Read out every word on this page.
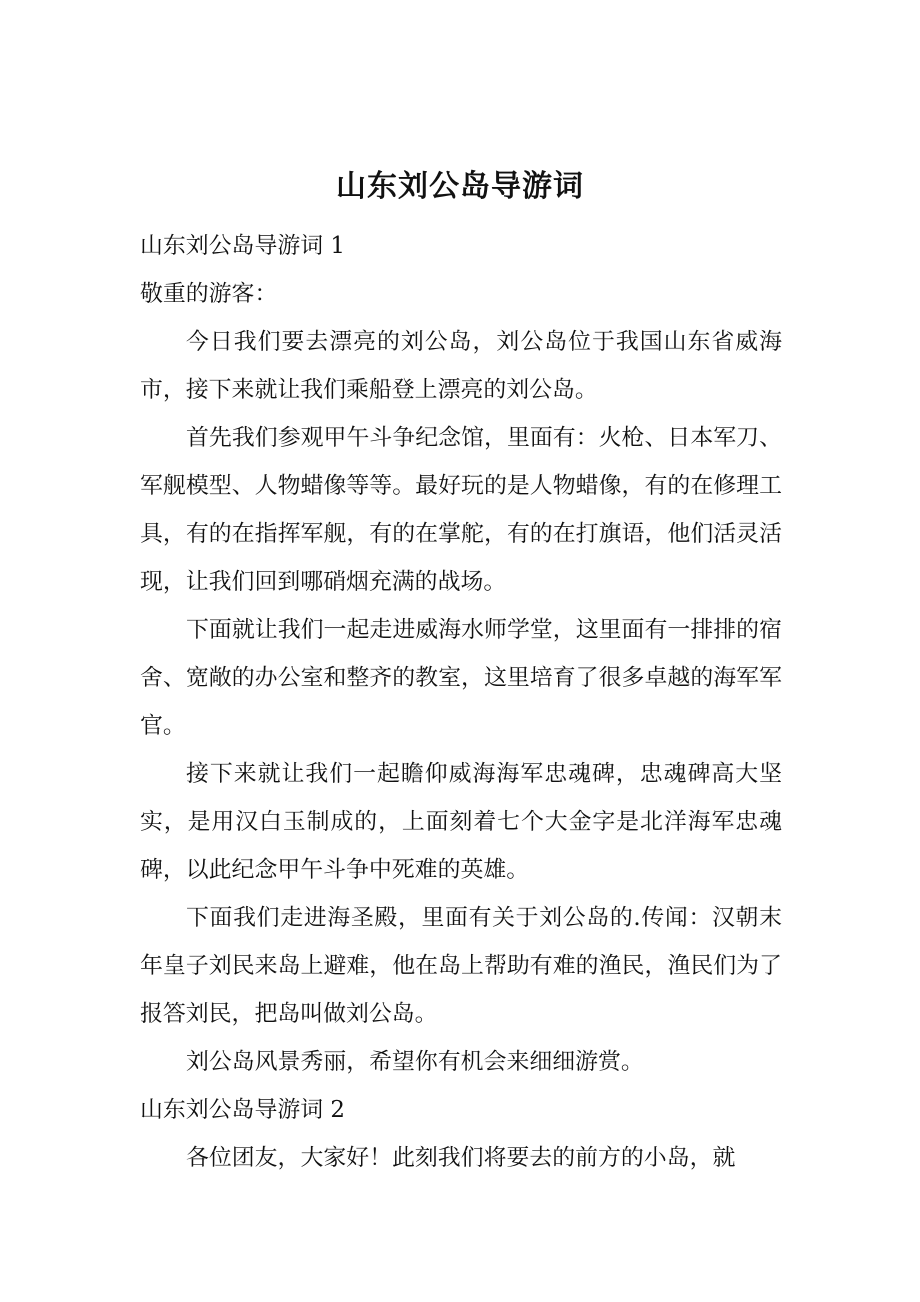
山东刘公岛导游词

山东刘公岛导游词 1

敬重的游客：

今日我们要去漂亮的刘公岛，刘公岛位于我国山东省威海市，接下来就让我们乘船登上漂亮的刘公岛。

首先我们参观甲午斗争纪念馆，里面有：火枪、日本军刀、军舰模型、人物蜡像等等。最好玩的是人物蜡像，有的在修理工具，有的在指挥军舰，有的在掌舵，有的在打旗语，他们活灵活现，让我们回到哪硝烟充满的战场。

下面就让我们一起走进威海水师学堂，这里面有一排排的宿舍、宽敞的办公室和整齐的教室，这里培育了很多卓越的海军军官。

接下来就让我们一起瞻仰威海海军忠魂碑，忠魂碑高大坚实，是用汉白玉制成的，上面刻着七个大金字是北洋海军忠魂碑，以此纪念甲午斗争中死难的英雄。

下面我们走进海圣殿，里面有关于刘公岛的.传闻：汉朝末年皇子刘民来岛上避难，他在岛上帮助有难的渔民，渔民们为了报答刘民，把岛叫做刘公岛。

刘公岛风景秀丽，希望你有机会来细细游赏。

山东刘公岛导游词 2

各位团友，大家好！此刻我们将要去的前方的小岛，就
